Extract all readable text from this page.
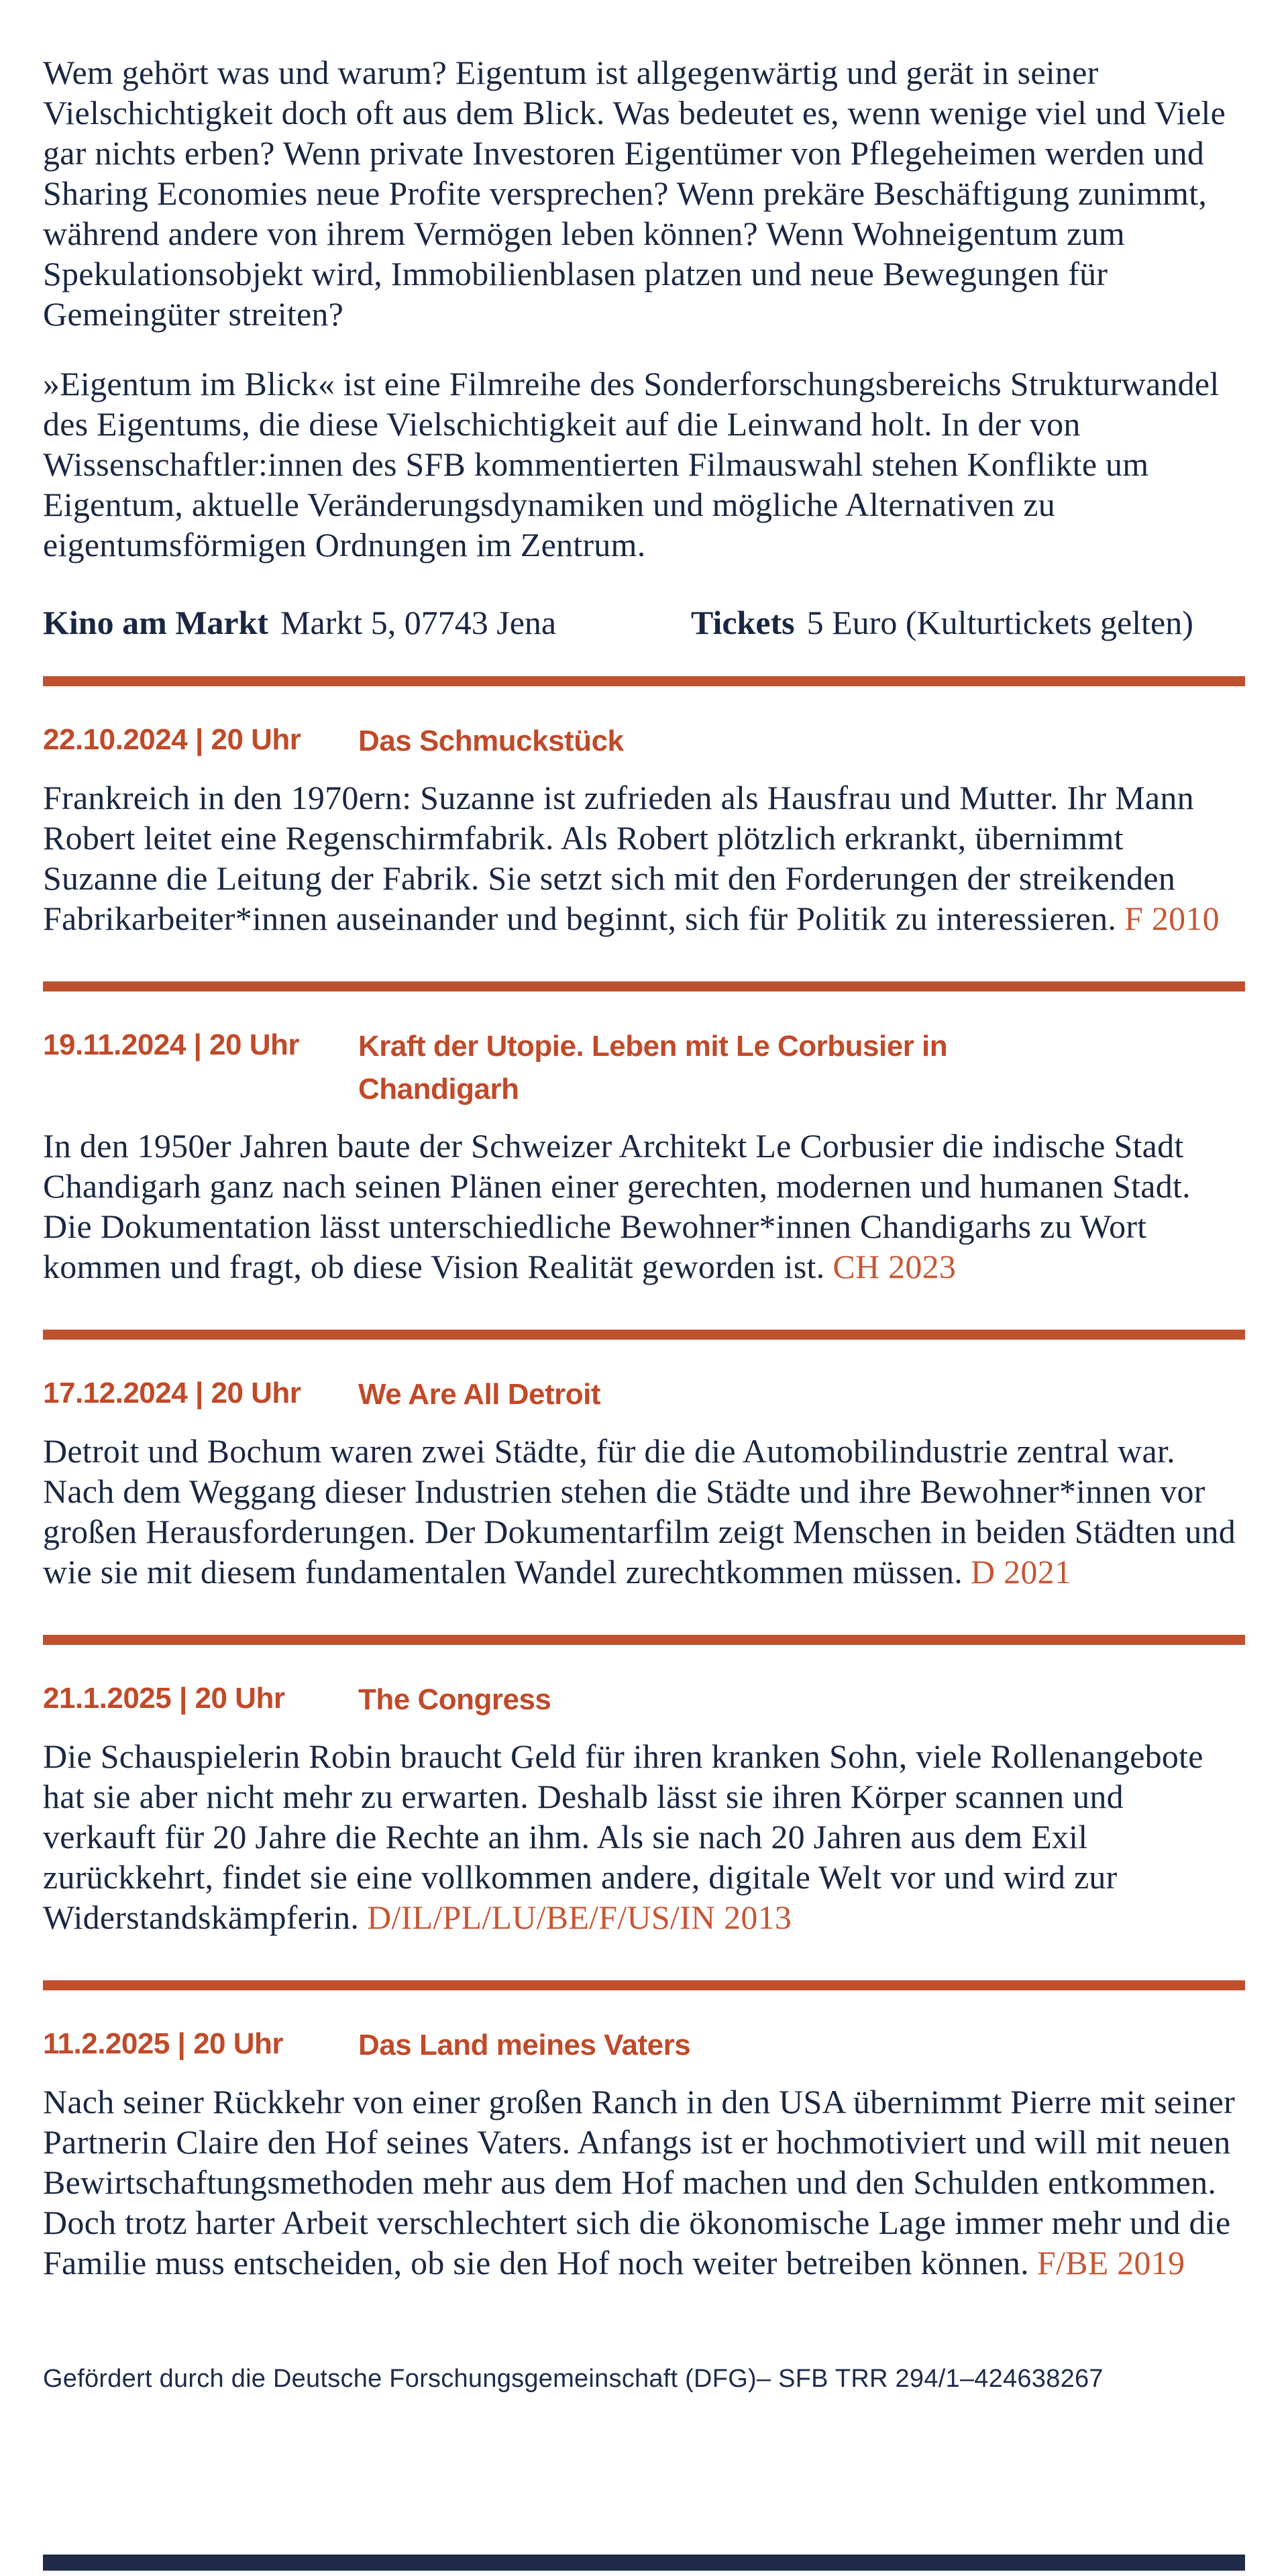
Wem gehört was und warum? Eigentum ist allgegenwärtig und gerät in seiner Vielschichtigkeit doch oft aus dem Blick. Was bedeutet es, wenn wenige viel und Viele gar nichts erben? Wenn private Investoren Eigentümer von Pflegeheimen werden und Sharing Economies neue Profite versprechen? Wenn prekäre Beschäftigung zunimmt, während andere von ihrem Vermögen leben können? Wenn Wohneigentum zum Spekulationsobjekt wird, Immobilienblasen platzen und neue Bewegungen für Gemeingüter streiten?

»Eigentum im Blick« ist eine Filmreihe des Sonderforschungsbereichs Strukturwandel des Eigentums, die diese Vielschichtigkeit auf die Leinwand holt. In der von Wissenschaftler:innen des SFB kommentierten Filmauswahl stehen Konflikte um Eigentum, aktuelle Veränderungsdynamiken und mögliche Alternativen zu eigentumsförmigen Ordnungen im Zentrum.

Kino am Markt Markt 5, 07743 Jena	Tickets 5 Euro (Kulturtickets gelten)
22.10.2024 | 20 Uhr	Das Schmuckstück

Frankreich in den 1970ern: Suzanne ist zufrieden als Hausfrau und Mutter. Ihr Mann Robert leitet eine Regenschirmfabrik. Als Robert plötzlich erkrankt, übernimmt Suzanne die Leitung der Fabrik. Sie setzt sich mit den Forderungen der streikenden Fabrikarbeiter*innen auseinander und beginnt, sich für Politik zu interessieren. F 2010

19.11.2024 | 20 Uhr	Kraft der Utopie. Leben mit Le Corbusier in Chandigarh

In den 1950er Jahren baute der Schweizer Architekt Le Corbusier die indische Stadt Chandigarh ganz nach seinen Plänen einer gerechten, modernen und humanen Stadt. Die Dokumentation lässt unterschiedliche Bewohner*innen Chandigarhs zu Wort kommen und fragt, ob diese Vision Realität geworden ist. CH 2023

17.12.2024 | 20 Uhr	We Are All Detroit

Detroit und Bochum waren zwei Städte, für die die Automobilindustrie zentral war. Nach dem Weggang dieser Industrien stehen die Städte und ihre Bewohner*innen vor großen Herausforderungen. Der Dokumentarfilm zeigt Menschen in beiden Städten und wie sie mit diesem fundamentalen Wandel zurechtkommen müssen. D 2021

21.1.2025 | 20 Uhr	The Congress

Die Schauspielerin Robin braucht Geld für ihren kranken Sohn, viele Rollenangebote hat sie aber nicht mehr zu erwarten. Deshalb lässt sie ihren Körper scannen und verkauft für 20 Jahre die Rechte an ihm. Als sie nach 20 Jahren aus dem Exil zurückkehrt, findet sie eine vollkommen andere, digitale Welt vor und wird zur Widerstandskämpferin. D/IL/PL/LU/BE/F/US/IN 2013

11.2.2025 | 20 Uhr	Das Land meines Vaters

Nach seiner Rückkehr von einer großen Ranch in den USA übernimmt Pierre mit seiner Partnerin Claire den Hof seines Vaters. Anfangs ist er hochmotiviert und will mit neuen Bewirtschaftungsmethoden mehr aus dem Hof machen und den Schulden entkommen. Doch trotz harter Arbeit verschlechtert sich die ökonomische Lage immer mehr und die Familie muss entscheiden, ob sie den Hof noch weiter betreiben können. F/BE 2019

Gefördert durch die Deutsche Forschungsgemeinschaft (DFG)– SFB TRR 294/1–424638267
